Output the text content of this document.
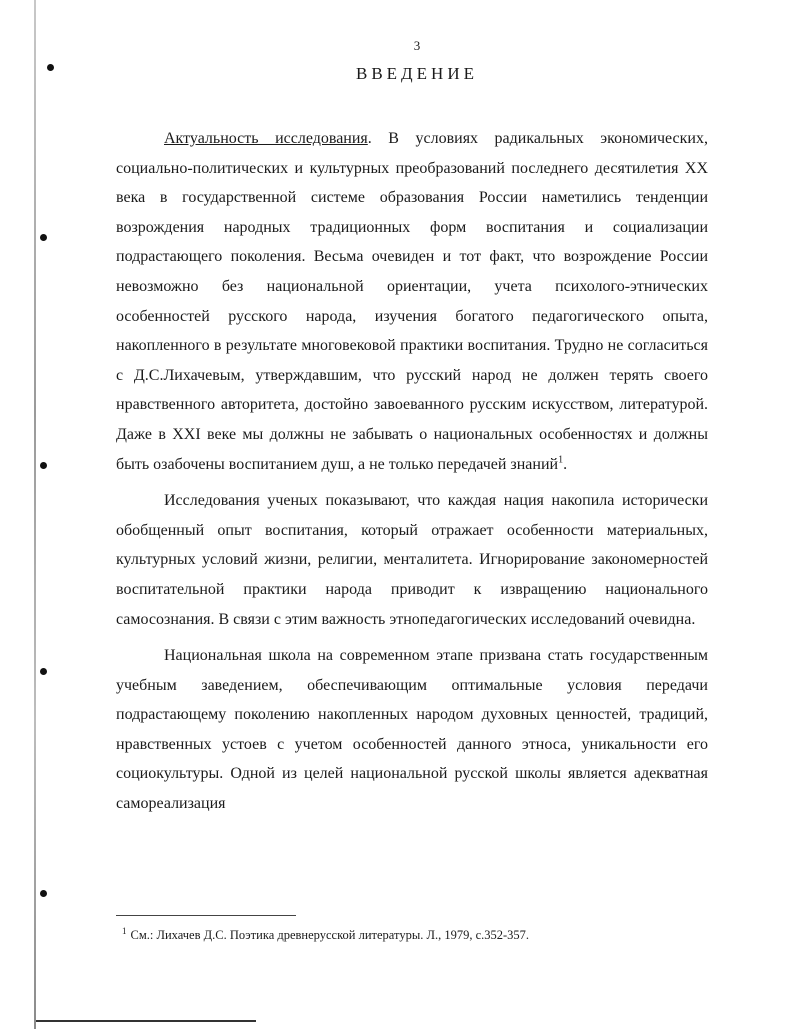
3
ВВЕДЕНИЕ

Актуальность исследования. В условиях радикальных экономических, социально-политических и культурных преобразований последнего десятилетия XX века в государственной системе образования России наметились тенденции возрождения народных традиционных форм воспитания и социализации подрастающего поколения. Весьма очевиден и тот факт, что возрождение России невозможно без национальной ориентации, учета психолого-этнических особенностей русского народа, изучения богатого педагогического опыта, накопленного в результате многовековой практики воспитания. Трудно не согласиться с Д.С.Лихачевым, утверждавшим, что русский народ не должен терять своего нравственного авторитета, достойно завоеванного русским искусством, литературой. Даже в XXI веке мы должны не забывать о национальных особенностях и должны быть озабочены воспитанием душ, а не только передачей знаний$^1$.

Исследования ученых показывают, что каждая нация накопила исторически обобщенный опыт воспитания, который отражает особенности материальных, культурных условий жизни, религии, менталитета. Игнорирование закономерностей воспитательной практики народа приводит к извращению национального самосознания. В связи с этим важность этнопедагогических исследований очевидна.

Национальная школа на современном этапе призвана стать государственным учебным заведением, обеспечивающим оптимальные условия передачи подрастающему поколению накопленных народом духовных ценностей, традиций, нравственных устоев с учетом особенностей данного этноса, уникальности его социокультуры. Одной из целей национальной русской школы является адекватная самореализация

$^1$ См.: Лихачев Д.С. Поэтика древнерусской литературы. Л., 1979, с.352-357.
